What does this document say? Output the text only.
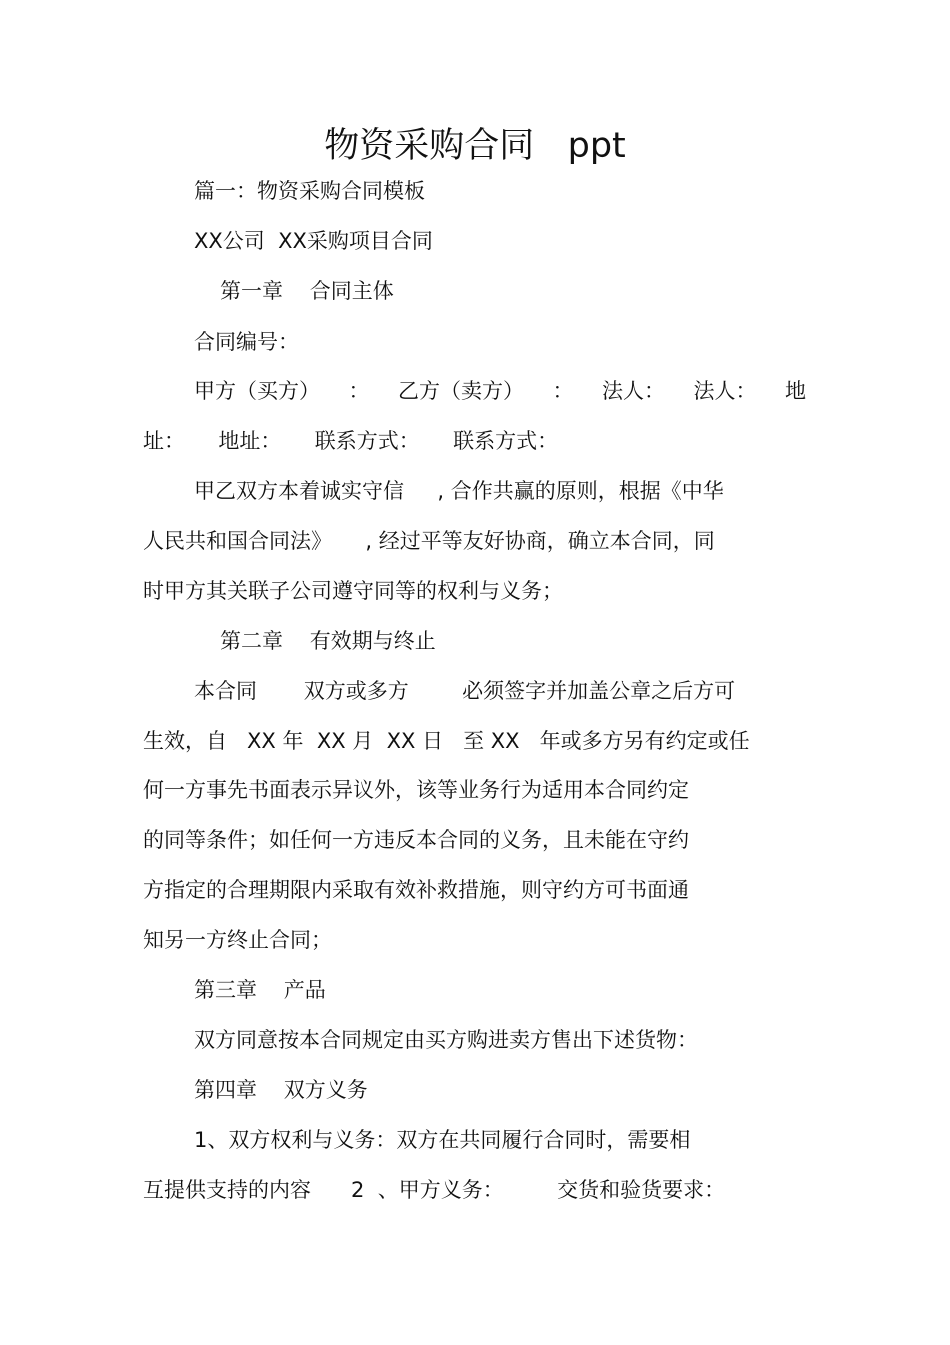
物资采购合同   ppt
篇一：物资采购合同模板
XX公司  XX采购项目合同
第一章    合同主体
合同编号：
甲方（买方） ： 乙方（卖方） ： 法人： 法人： 地
址：     地址：     联系方式：     联系方式：
甲乙双方本着诚实守信     , 合作共赢的原则，根据《中华
人民共和国合同法》     , 经过平等友好协商，确立本合同，同
时甲方其关联子公司遵守同等的权利与义务；
第二章    有效期与终止
本合同       双方或多方        必须签字并加盖公章之后方可
生效，自   XX 年  XX 月  XX 日   至 XX   年或多方另有约定或任
何一方事先书面表示异议外，该等业务行为适用本合同约定
的同等条件；如任何一方违反本合同的义务，且未能在守约
方指定的合理期限内采取有效补救措施，则守约方可书面通
知另一方终止合同；
第三章    产品
双方同意按本合同规定由买方购进卖方售出下述货物：
第四章    双方义务
1、双方权利与义务：双方在共同履行合同时，需要相
互提供支持的内容      2  、甲方义务：        交货和验货要求：
